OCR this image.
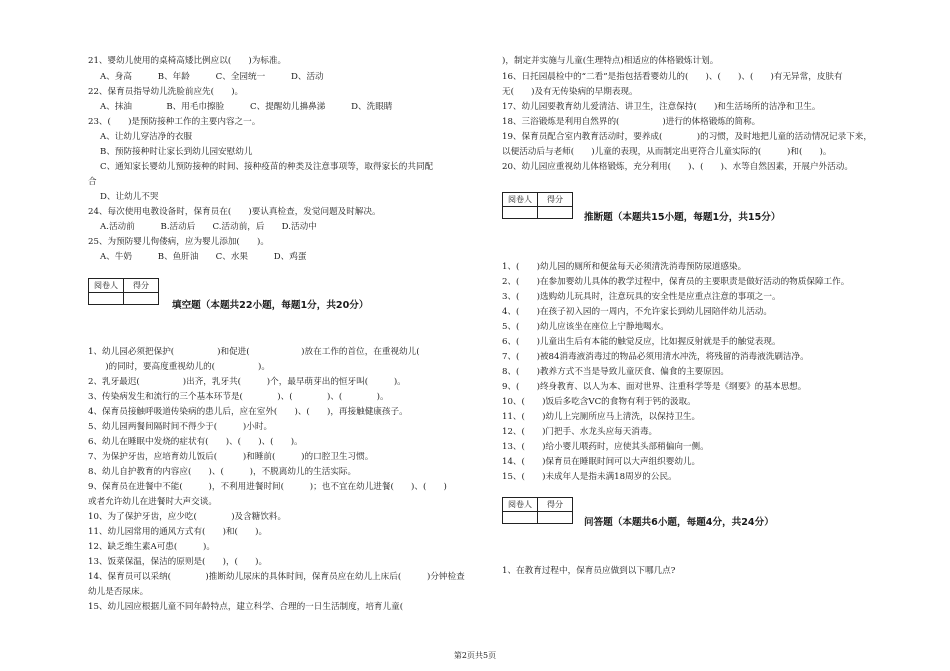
21、婴幼儿使用的桌椅高矮比例应以(　　)为标准。
A、身高　　　B、年龄　　　C、全园统一　　　D、活动
22、保育员指导幼儿洗脸前应先(　　)。
A、抹油　　　　B、用毛巾擦脸　　　C、提醒幼儿擤鼻涕　　　D、洗眼睛
23、(　　)是预防接种工作的主要内容之一。
A、让幼儿穿洁净的衣服
B、预防接种时让家长到幼儿园安慰幼儿
C、通知家长婴幼儿预防接种的时间、接种疫苗的种类及注意事项等，取得家长的共同配
合
D、让幼儿不哭
24、每次使用电教设备时，保育员在(　　)要认真检查，发觉问题及时解决。
A.活动前　　　B.活动后　　C.活动前，后　　D.活动中
25、为预防婴儿佝偻病，应为婴儿添加(　　)。
A、牛奶　　　B、鱼肝油　　C、水果　　　D、鸡蛋
阅卷人	得分

填空题（本题共22小题，每题1分，共20分）
1、幼儿园必须把保护(　　　　　)和促进(　　　　　　)放在工作的首位，在重视幼儿(
　　)的同时，要高度重视幼儿的(　　　　　)。
2、乳牙最迟(　　　　　)出齐，乳牙共(　　　)个，最早萌芽出的恒牙叫(　　　)。
3、传染病发生和流行的三个基本环节是(　　　　)、(　　　　)、(　　　　)。
4、保育员接触呼吸道传染病的患儿后，应在室外(　　)、(　　)，再接触健康孩子。
5、幼儿园两餐间隔时间不得少于(　　　)小时。
6、幼儿在睡眠中发烧的症状有(　　)、(　　)、(　　)。
7、为保护牙齿，应培育幼儿饭后(　　　)和睡前(　　　)的口腔卫生习惯。
8、幼儿自护教育的内容应(　　)、(　　　)，不脱离幼儿的生活实际。
9、保育员在进餐中不能(　　　)，不利用进餐时间(　　　)；也不宜在幼儿进餐(　　)、(　　)
或者允许幼儿在进餐时大声交谈。
10、为了保护牙齿，应少吃(　　　　)及含糖饮料。
11、幼儿园常用的通风方式有(　　)和(　　)。
12、缺乏维生素A可患(　　　)。
13、饭菜保温，保洁的原则是(　　)，(　　)。
14、保育员可以采纳(　　　　)推断幼儿尿床的具体时间，保育员应在幼儿上床后(　　　)分钟检查
幼儿是否尿床。
15、幼儿园应根据儿童不同年龄特点，建立科学、合理的一日生活制度，培育儿童(
)，制定并实施与儿童(生理特点)相适应的体格锻炼计划。
16、日托园晨检中的“二看”是指包括看婴幼儿的(　　)、(　　)、(　　)有无异常，皮肤有
无(　　)及有无传染病的早期表现。
17、幼儿园要教育幼儿爱清洁、讲卫生，注意保持(　　)和生活场所的洁净和卫生。
18、三浴锻炼是利用自然界的(　　　　　)进行的体格锻炼的简称。
19、保育员配合室内教育活动时，要养成(　　　　)的习惯，及时地把儿童的活动情况记录下来，
以便活动后与老师(　　)儿童的表现，从而制定出更符合儿童实际的(　　　)和(　　)。
20、幼儿园应重视幼儿体格锻炼，充分利用(　　)、(　　)、水等自然因素，开展户外活动。
阅卷人	得分

推断题（本题共15小题，每题1分，共15分）
1、(　　)幼儿园的厕所和便盆每天必须清洗消毒预防尿道感染。
2、(　　)在参加婴幼儿具体的教学过程中，保育员的主要职责是做好活动的物质保障工作。
3、(　　)选购幼儿玩具时，注意玩具的安全性是应重点注意的事项之一。
4、(　　)在孩子初入园的一周内，不允许家长到幼儿园陪伴幼儿活动。
5、(　　)幼儿应该坐在座位上宁静地喝水。
6、(　　)儿童出生后有本能的触觉反应，比如握反射就是手的触觉表现。
7、(　　)被84消毒液消毒过的物品必须用清水冲洗，将残留的消毒液洗刷洁净。
8、(　　)教养方式不当是导致儿童厌食、偏食的主要原因。
9、(　　)终身教育、以人为本、面对世界、注重科学等是《纲要》的基本思想。
10、(　　)饭后多吃含VC的食物有利于钙的汲取。
11、(　　)幼儿上完厕所应马上清洗，以保持卫生。
12、(　　)门把手、水龙头应每天消毒。
13、(　　)给小婴儿喂药时，应使其头部稍偏向一侧。
14、(　　)保育员在睡眠时间可以大声组织婴幼儿。
15、(　　)未成年人是指未满18周岁的公民。
阅卷人	得分

问答题（本题共6小题，每题4分，共24分）
1、在教育过程中，保育员应做到以下哪几点?
第2页共5页
